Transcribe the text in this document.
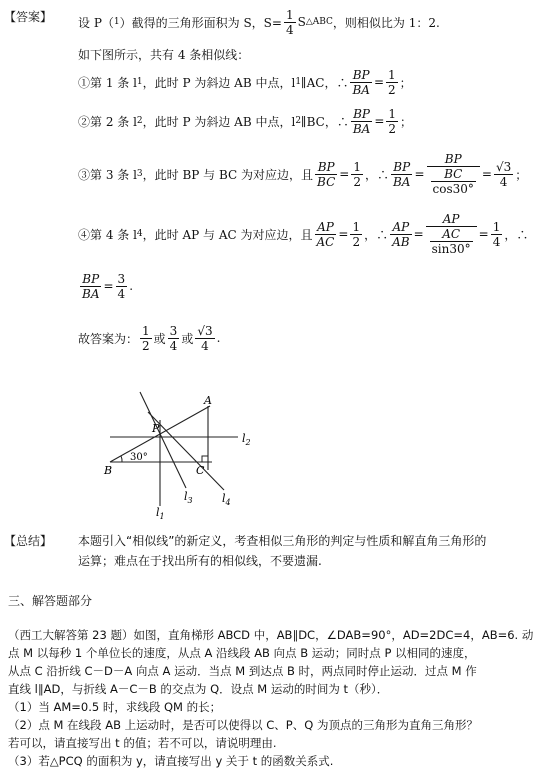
【答案】 设 P（ 1 ）截得的三角形面积为 S，$S= \frac{1}{4}$ S △ABC ，则相似比为 1：2.
如下图所示，共有 4 条相似线：
①第 1 条 l 1 ，此时 P 为斜边 AB 中点，l 1 ∥AC，∴ $\frac{BP}{BA} = \frac{1}{2}$ ；
②第 2 条 l 2 ，此时 P 为斜边 AB 中点，l 2 ∥BC，∴ $\frac{BP}{BA} = \frac{1}{2}$ ；
③第 3 条 l 3 ，此时 BP 与 BC 为对应边，且 $\frac{BP}{BC} = \frac{1}{2}$ ，∴ $\frac{BP}{BA} = \frac{BP}{\frac{BC}{\cos 30^\circ}} = \frac{√3}{4}$ ；
④第 4 条 l 4 ，此时 AP 与 AC 为对应边，且 $\frac{AP}{AC} = \frac{1}{2}$ ，∴ $\frac{AP}{AB} = \frac{AP}{\frac{AC}{\sin 30^\circ}} = \frac{1}{4}$ ，∴
$\frac{BP}{BA} = \frac{3}{4}$ .
故答案为： $\frac{1}{2}$ 或 $\frac{3}{4}$ 或 $\frac{√3}{4}$ .
B	C
A
P
30°
$l_2$
$l_1$
$l_3$	$l_4$
【总结】 本题引入“相似线”的新定义，考查相似三角形的判定与性质和解直角三角形的
运算；难点在于找出所有的相似线，不要遗漏.
三、解答题部分
（西工大解答第 23 题）如图，直角梯形 ABCD 中，AB∥DC，∠DAB=90°，AD=2DC=4，AB=6. 动
点 M 以每秒 1 个单位长的速度，从点 A 沿线段 AB 向点 B 运动；同时点 P 以相同的速度，
从点 C 沿折线 C－D－A 向点 A 运动．当点 M 到达点 B 时，两点同时停止运动．过点 M 作
直线 l∥AD，与折线 A－C－B 的交点为 Q．设点 M 运动的时间为 t（秒）．
（1）当 AM=0.5 时，求线段 QM 的长；
（2）点 M 在线段 AB 上运动时，是否可以使得以 C、P、Q 为顶点的三角形为直角三角形？
若可以，请直接写出 t 的值；若不可以，请说明理由.
（3）若△PCQ 的面积为 y，请直接写出 y 关于 t 的函数关系式.
